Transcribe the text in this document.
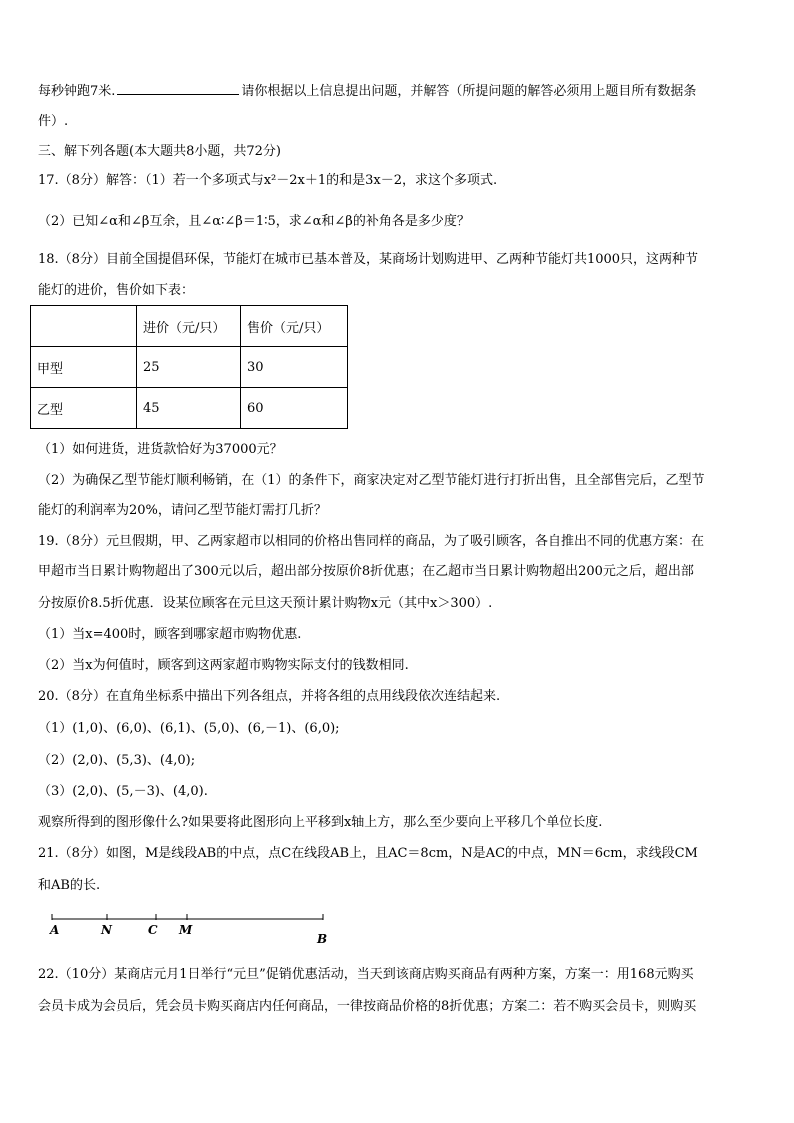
每秒钟跑7米.	请你根据以上信息提出问题，并解答（所提问题的解答必须用上题目所有数据条
件）.
三、解下列各题(本大题共8小题，共72分)
17.（8分）解答：（1）若一个多项式与x²－2x＋1的和是3x－2，求这个多项式.
（2）已知∠α和∠β互余，且∠α∶∠β＝1∶5，求∠α和∠β的补角各是多少度？
18.（8分）目前全国提倡环保，节能灯在城市已基本普及，某商场计划购进甲、乙两种节能灯共1000只，这两种节
能灯的进价，售价如下表：
	进价（元/只）	售价（元/只）
甲型	25	30
乙型	45	60
（1）如何进货，进货款恰好为37000元？
（2）为确保乙型节能灯顺利畅销，在（1）的条件下，商家决定对乙型节能灯进行打折出售，且全部售完后，乙型节
能灯的利润率为20%，请问乙型节能灯需打几折？
19.（8分）元旦假期，甲、乙两家超市以相同的价格出售同样的商品，为了吸引顾客，各自推出不同的优惠方案：在
甲超市当日累计购物超出了300元以后，超出部分按原价8折优惠；在乙超市当日累计购物超出200元之后，超出部
分按原价8.5折优惠．设某位顾客在元旦这天预计累计购物x元（其中x＞300）.
（1）当x=400时，顾客到哪家超市购物优惠.
（2）当x为何值时，顾客到这两家超市购物实际支付的钱数相同.
20.（8分）在直角坐标系中描出下列各组点，并将各组的点用线段依次连结起来.
（1）(1,0)、(6,0)、(6,1)、(5,0)、(6,－1)、(6,0);
（2）(2,0)、(5,3)、(4,0);
（3）(2,0)、(5,－3)、(4,0).
观察所得到的图形像什么?如果要将此图形向上平移到x轴上方，那么至少要向上平移几个单位长度.
21.（8分）如图，M是线段AB的中点，点C在线段AB上，且AC＝8cm，N是AC的中点，MN＝6cm，求线段CM
和AB的长.
A	N	C M
B
22.（10分）某商店元月1日举行“元旦”促销优惠活动，当天到该商店购买商品有两种方案，方案一：用168元购买
会员卡成为会员后，凭会员卡购买商店内任何商品，一律按商品价格的8折优惠；方案二：若不购买会员卡，则购买
